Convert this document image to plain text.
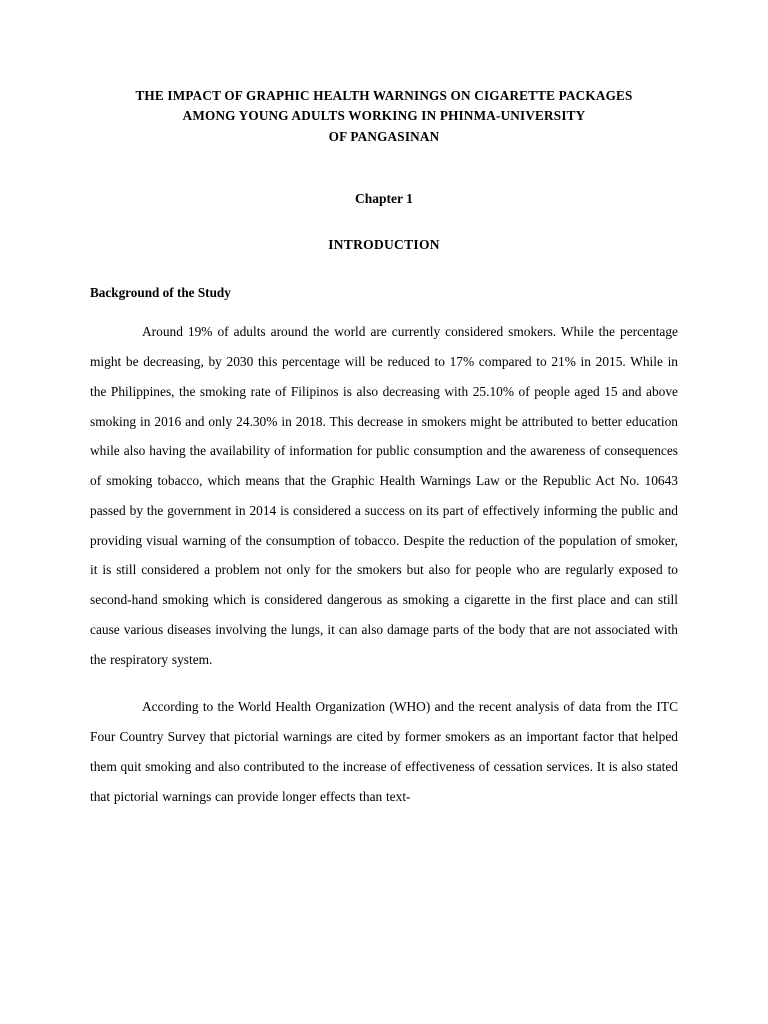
THE IMPACT OF GRAPHIC HEALTH WARNINGS ON CIGARETTE PACKAGES
AMONG YOUNG ADULTS WORKING IN PHINMA-UNIVERSITY
OF PANGASINAN
Chapter 1
INTRODUCTION
Background of the Study

Around 19% of adults around the world are currently considered smokers. While the percentage might be decreasing, by 2030 this percentage will be reduced to 17% compared to 21% in 2015. While in the Philippines, the smoking rate of Filipinos is also decreasing with 25.10% of people aged 15 and above smoking in 2016 and only 24.30% in 2018. This decrease in smokers might be attributed to better education while also having the availability of information for public consumption and the awareness of consequences of smoking tobacco, which means that the Graphic Health Warnings Law or the Republic Act No. 10643 passed by the government in 2014 is considered a success on its part of effectively informing the public and providing visual warning of the consumption of tobacco. Despite the reduction of the population of smoker, it is still considered a problem not only for the smokers but also for people who are regularly exposed to second-hand smoking which is considered dangerous as smoking a cigarette in the first place and can still cause various diseases involving the lungs, it can also damage parts of the body that are not associated with the respiratory system.

According to the World Health Organization (WHO) and the recent analysis of data from the ITC Four Country Survey that pictorial warnings are cited by former smokers as an important factor that helped them quit smoking and also contributed to the increase of effectiveness of cessation services. It is also stated that pictorial warnings can provide longer effects than text-
